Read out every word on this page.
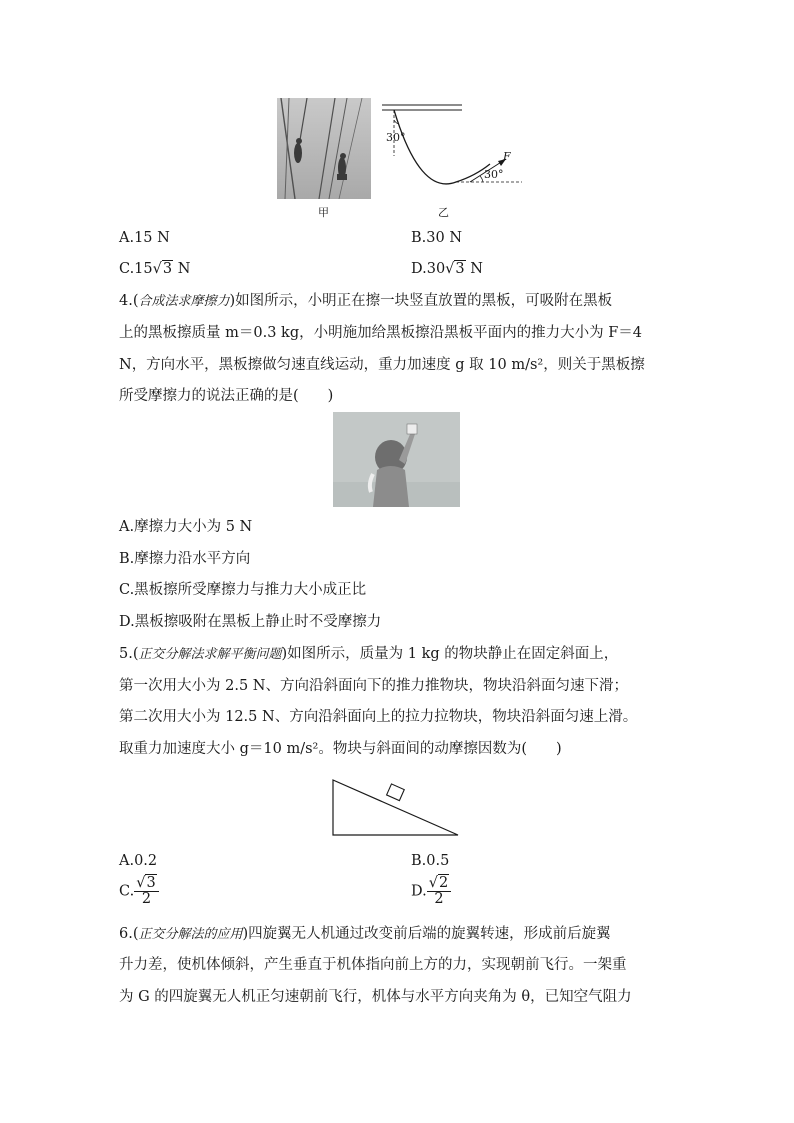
甲
30°
30°
F
乙
A.15 N	B.30 N
C.15√3 N	D.30√3 N
4.(合成法求摩擦力)如图所示，小明正在擦一块竖直放置的黑板，可吸附在黑板
上的黑板擦质量 m＝0.3 kg，小明施加给黑板擦沿黑板平面内的推力大小为 F＝4
N，方向水平，黑板擦做匀速直线运动，重力加速度 g 取 10 m/s²，则关于黑板擦
所受摩擦力的说法正确的是(　　)
A.摩擦力大小为 5 N
B.摩擦力沿水平方向
C.黑板擦所受摩擦力与推力大小成正比
D.黑板擦吸附在黑板上静止时不受摩擦力
5.(正交分解法求解平衡问题)如图所示，质量为 1 kg 的物块静止在固定斜面上，
第一次用大小为 2.5 N、方向沿斜面向下的推力推物块，物块沿斜面匀速下滑；
第二次用大小为 12.5 N、方向沿斜面向上的拉力拉物块，物块沿斜面匀速上滑。
取重力加速度大小 g＝10 m/s²。物块与斜面间的动摩擦因数为(　　)
A.0.2	B.0.5
C. $\frac{√3}{2}$	D. $\frac{√2}{2}$
6.(正交分解法的应用)四旋翼无人机通过改变前后端的旋翼转速，形成前后旋翼
升力差，使机体倾斜，产生垂直于机体指向前上方的力，实现朝前飞行。一架重
为 G 的四旋翼无人机正匀速朝前飞行，机体与水平方向夹角为 θ，已知空气阻力
